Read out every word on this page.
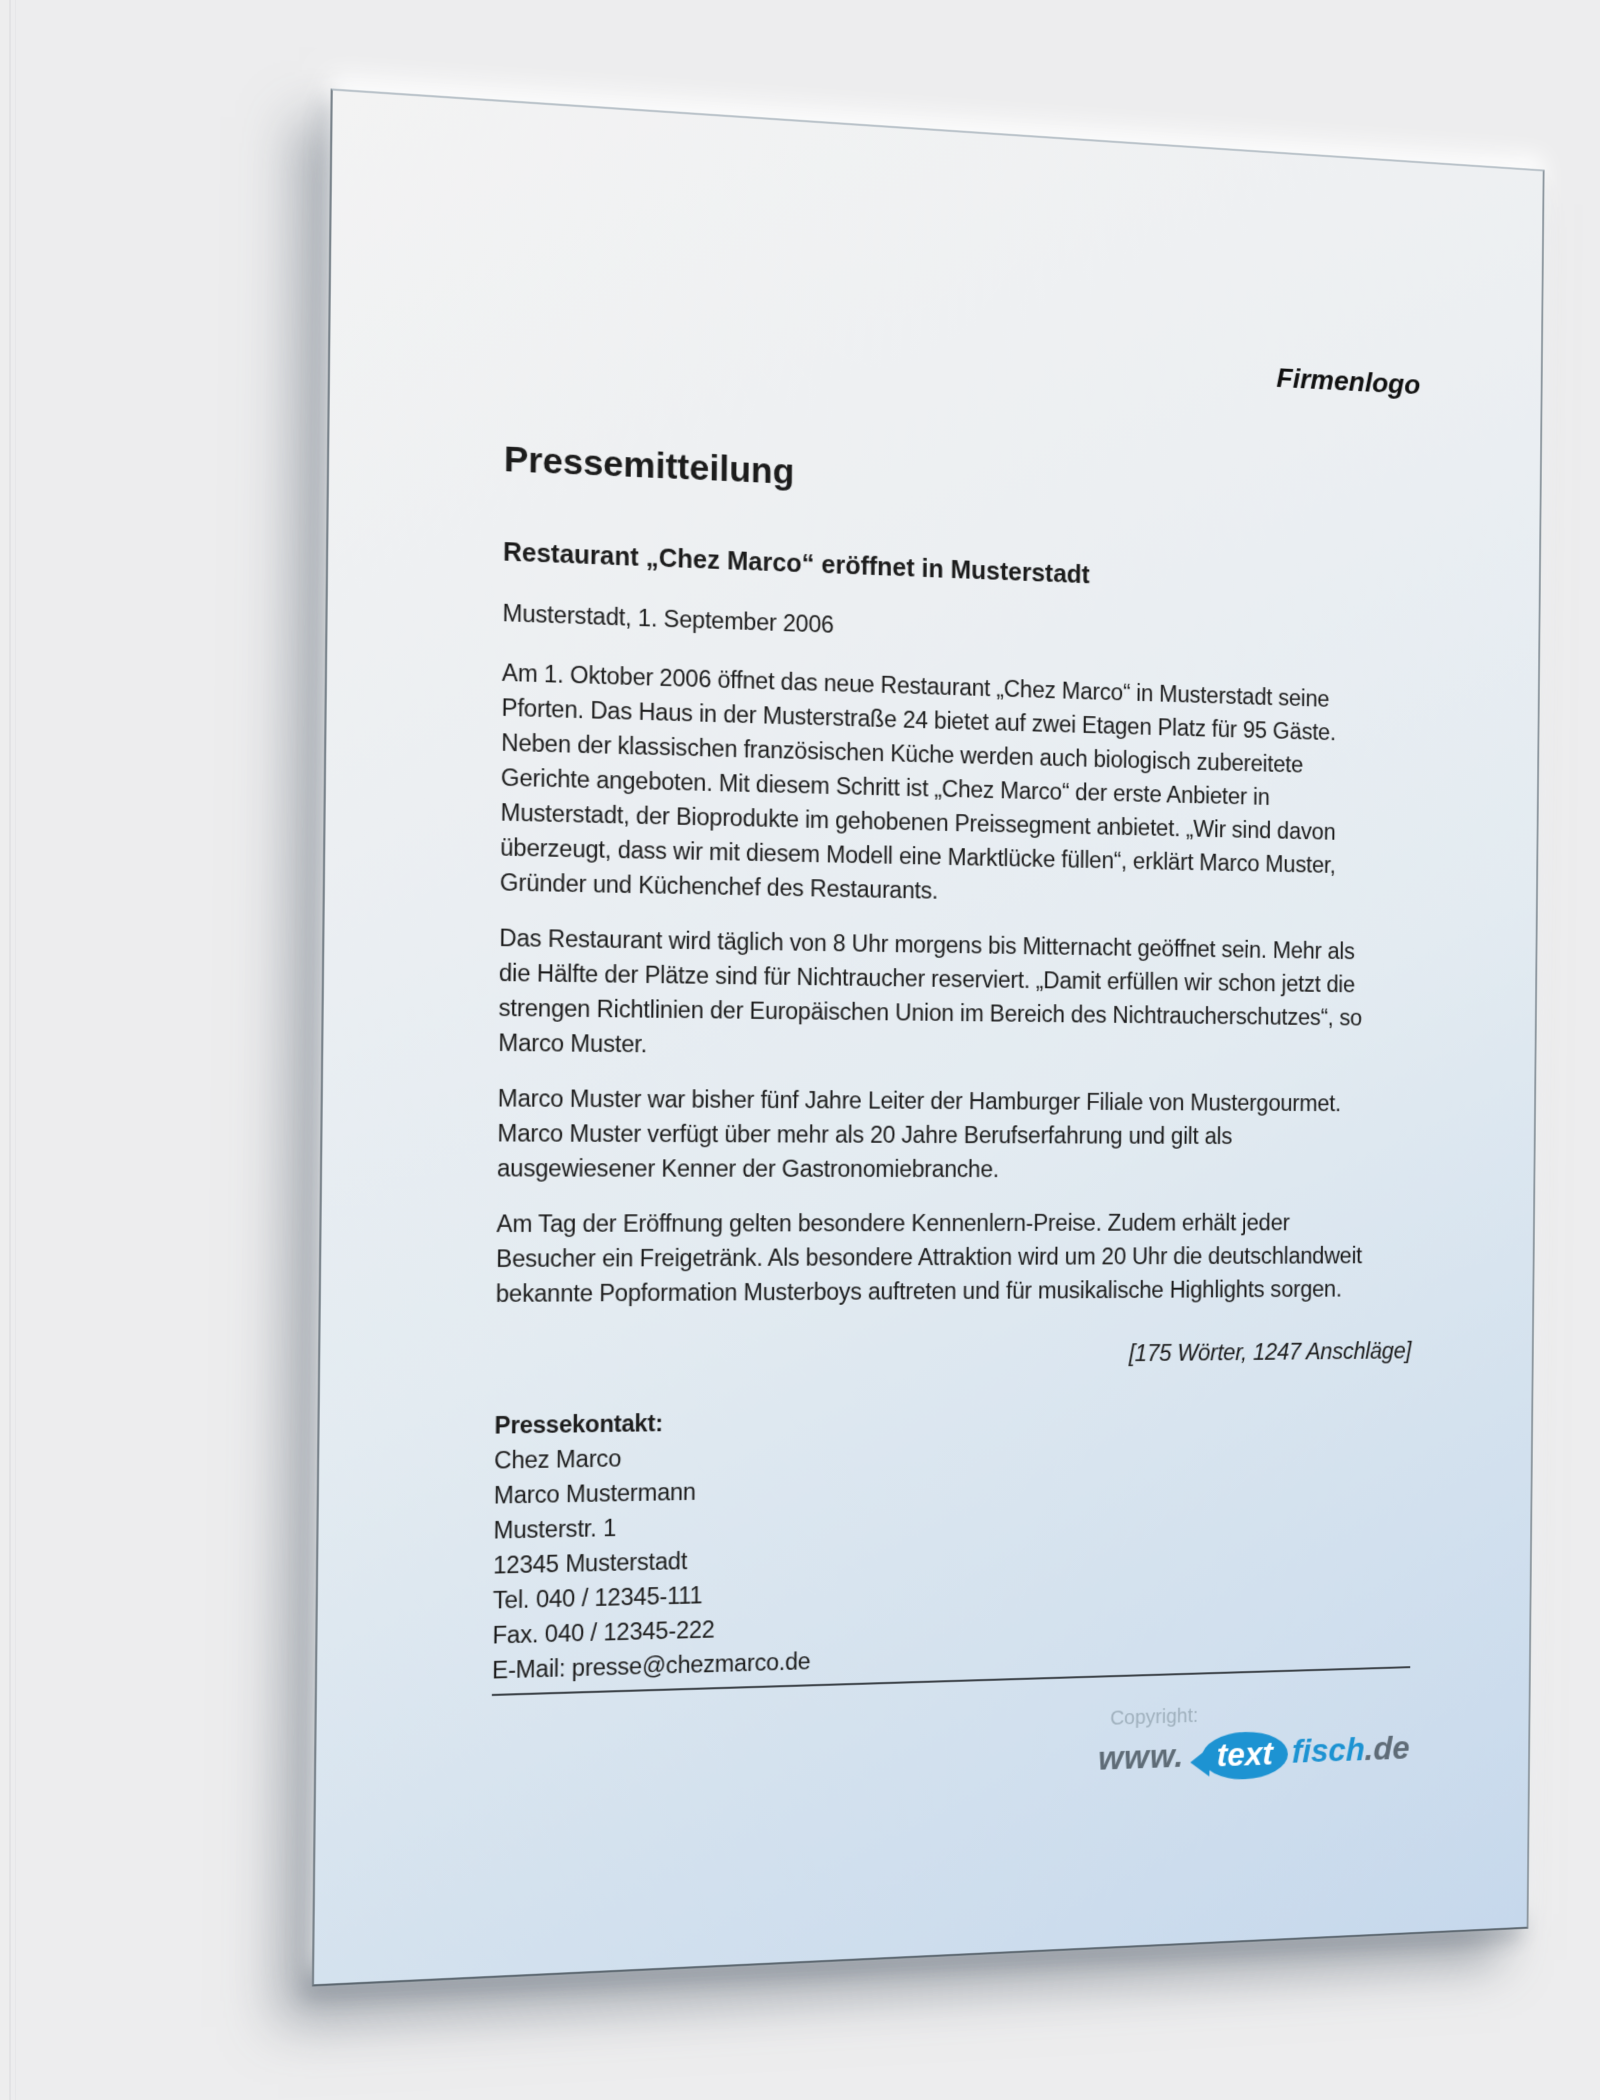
Firmenlogo
Pressemitteilung
Restaurant „Chez Marco“ eröffnet in Musterstadt
Musterstadt, 1. September 2006
Am 1. Oktober 2006 öffnet das neue Restaurant „Chez Marco“ in Musterstadt seine
Pforten. Das Haus in der Musterstraße 24 bietet auf zwei Etagen Platz für 95 Gäste.
Neben der klassischen französischen Küche werden auch biologisch zubereitete
Gerichte angeboten. Mit diesem Schritt ist „Chez Marco“ der erste Anbieter in
Musterstadt, der Bioprodukte im gehobenen Preissegment anbietet. „Wir sind davon
überzeugt, dass wir mit diesem Modell eine Marktlücke füllen“, erklärt Marco Muster,
Gründer und Küchenchef des Restaurants.
Das Restaurant wird täglich von 8 Uhr morgens bis Mitternacht geöffnet sein. Mehr als
die Hälfte der Plätze sind für Nichtraucher reserviert. „Damit erfüllen wir schon jetzt die
strengen Richtlinien der Europäischen Union im Bereich des Nichtraucherschutzes“, so
Marco Muster.
Marco Muster war bisher fünf Jahre Leiter der Hamburger Filiale von Mustergourmet.
Marco Muster verfügt über mehr als 20 Jahre Berufserfahrung und gilt als
ausgewiesener Kenner der Gastronomiebranche.
Am Tag der Eröffnung gelten besondere Kennenlern-Preise. Zudem erhält jeder
Besucher ein Freigetränk. Als besondere Attraktion wird um 20 Uhr die deutschlandweit
bekannte Popformation Musterboys auftreten und für musikalische Highlights sorgen.
[175 Wörter, 1247 Anschläge]
Pressekontakt:
Chez Marco
Marco Mustermann
Musterstr. 1
12345 Musterstadt
Tel. 040 / 12345-111
Fax. 040 / 12345-222
E-Mail: presse@chezmarco.de
Copyright:
www. text fisch .de
